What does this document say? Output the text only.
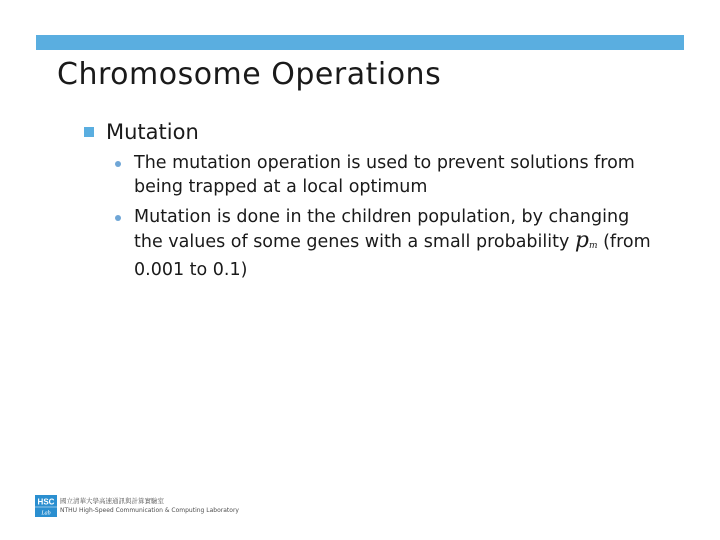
Chromosome Operations
Mutation
The mutation operation is used to prevent solutions from being trapped at a local optimum
Mutation is done in the children population, by changing the values of some genes with a small probability $p_m$ (from 0.001 to 0.1)
HSC
Lab
國立清華大學高速通訊與計算實驗室
NTHU High-Speed Communication & Computing Laboratory
